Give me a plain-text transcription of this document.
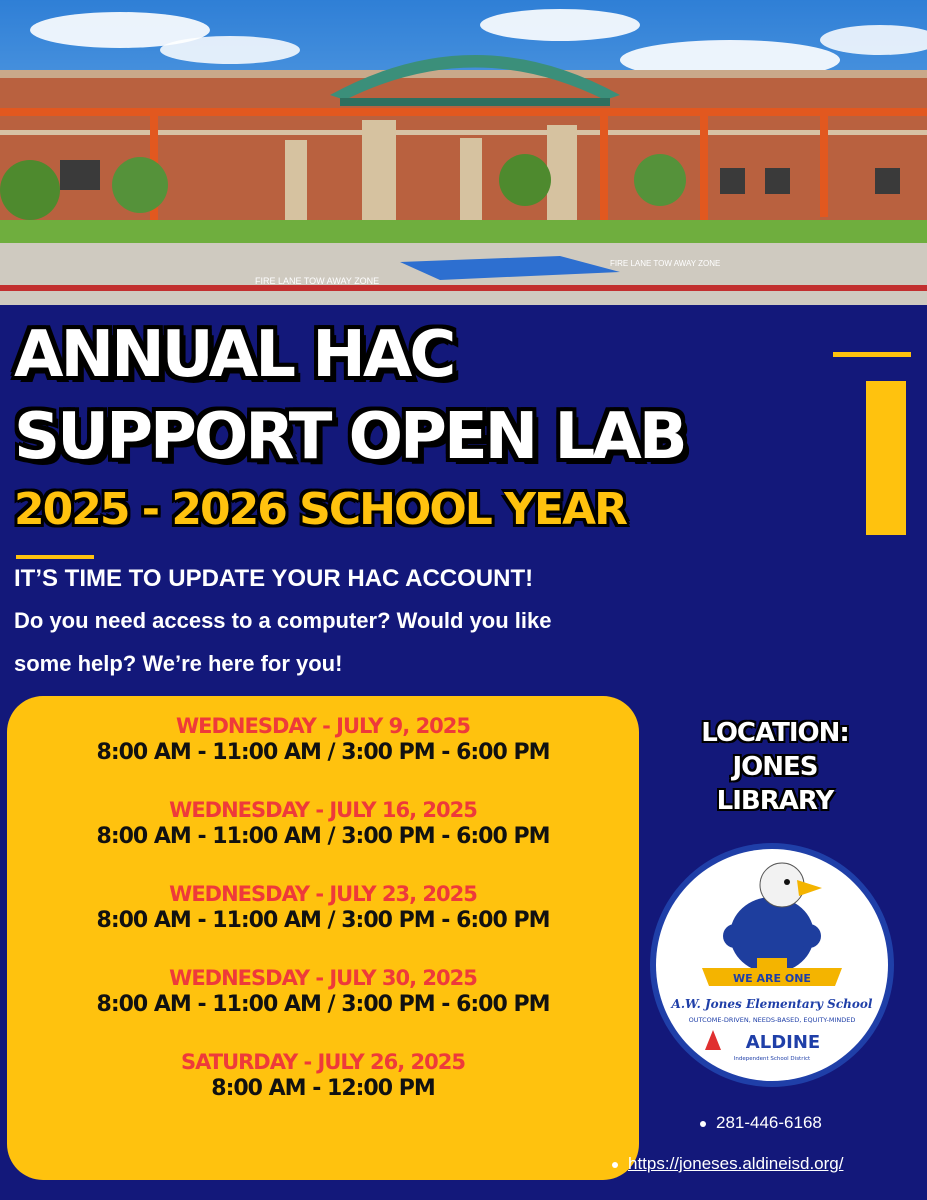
FIRE LANE TOW AWAY ZONE
FIRE LANE TOW AWAY ZONE
ANNUAL HAC
SUPPORT OPEN LAB
2025 - 2026 SCHOOL YEAR
IT’S TIME TO UPDATE YOUR HAC ACCOUNT!
Do you need access to a computer? Would you like
some help? We’re here for you!
WEDNESDAY - JULY 9, 2025
8:00 AM - 11:00 AM / 3:00 PM - 6:00 PM
WEDNESDAY - JULY 16, 2025
8:00 AM - 11:00 AM / 3:00 PM - 6:00 PM
WEDNESDAY - JULY 23, 2025
8:00 AM - 11:00 AM / 3:00 PM - 6:00 PM
WEDNESDAY - JULY 30, 2025
8:00 AM - 11:00 AM / 3:00 PM - 6:00 PM
SATURDAY - JULY 26, 2025
8:00 AM - 12:00 PM
LOCATION:
JONES
LIBRARY
WE ARE ONE
A.W. Jones Elementary School
OUTCOME-DRIVEN, NEEDS-BASED, EQUITY-MINDED
ALDINE
Independent School District
281-446-6168
https://joneses.aldineisd.org/
